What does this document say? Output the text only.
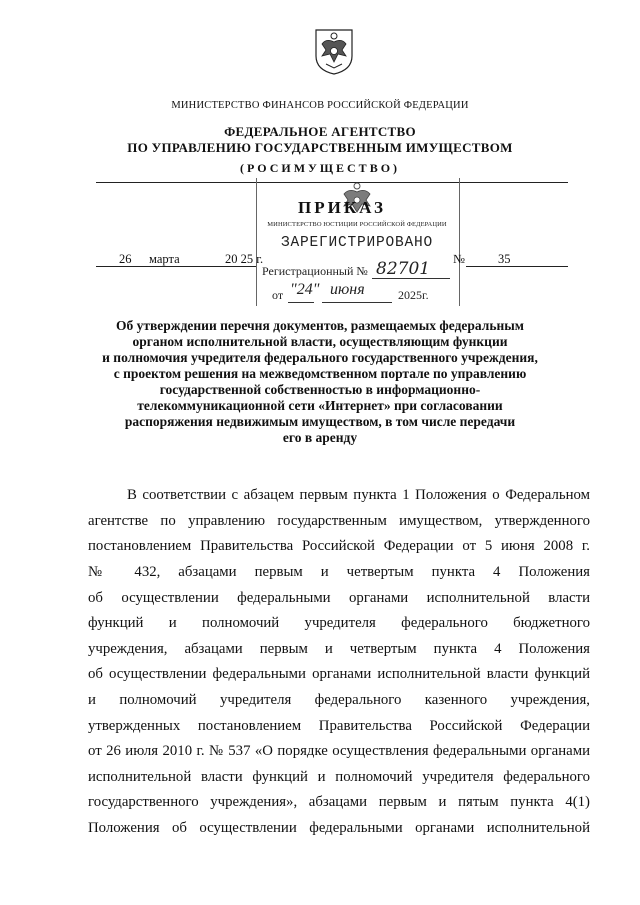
МИНИСТЕРСТВО ФИНАНСОВ РОССИЙСКОЙ ФЕДЕРАЦИИ
ФЕДЕРАЛЬНОЕ АГЕНТСТВО
ПО УПРАВЛЕНИЮ ГОСУДАРСТВЕННЫМ ИМУЩЕСТВОМ
(РОСИМУЩЕСТВО)
ПРИКАЗ
МИНИСТЕРСТВО ЮСТИЦИИ РОССИЙСКОЙ ФЕДЕРАЦИИ
ЗАРЕГИСТРИРОВАНО
Регистрационный № 82701
от "24" июня	2025г.
26 марта	20 25 г.	№	35
Об утверждении перечня документов, размещаемых федеральным
органом исполнительной власти, осуществляющим функции
и полномочия учредителя федерального государственного учреждения,
с проектом решения на межведомственном портале по управлению
государственной собственностью в информационно-
телекоммуникационной сети «Интернет» при согласовании
распоряжения недвижимым имуществом, в том числе передачи
его в аренду
В соответствии с абзацем первым пункта 1 Положения о Федеральном
агентстве по управлению государственным имуществом, утвержденного
постановлением Правительства Российской Федерации от 5 июня 2008 г.
№ 432, абзацами первым и четвертым пункта 4 Положения
об осуществлении федеральными органами исполнительной власти
функций и полномочий учредителя федерального бюджетного
учреждения, абзацами первым и четвертым пункта 4 Положения
об осуществлении федеральными органами исполнительной власти функций
и полномочий учредителя федерального казенного учреждения,
утвержденных постановлением Правительства Российской Федерации
от 26 июля 2010 г. № 537 «О порядке осуществления федеральными органами
исполнительной власти функций и полномочий учредителя федерального
государственного учреждения», абзацами первым и пятым пункта 4(1)
Положения об осуществлении федеральными органами исполнительной
